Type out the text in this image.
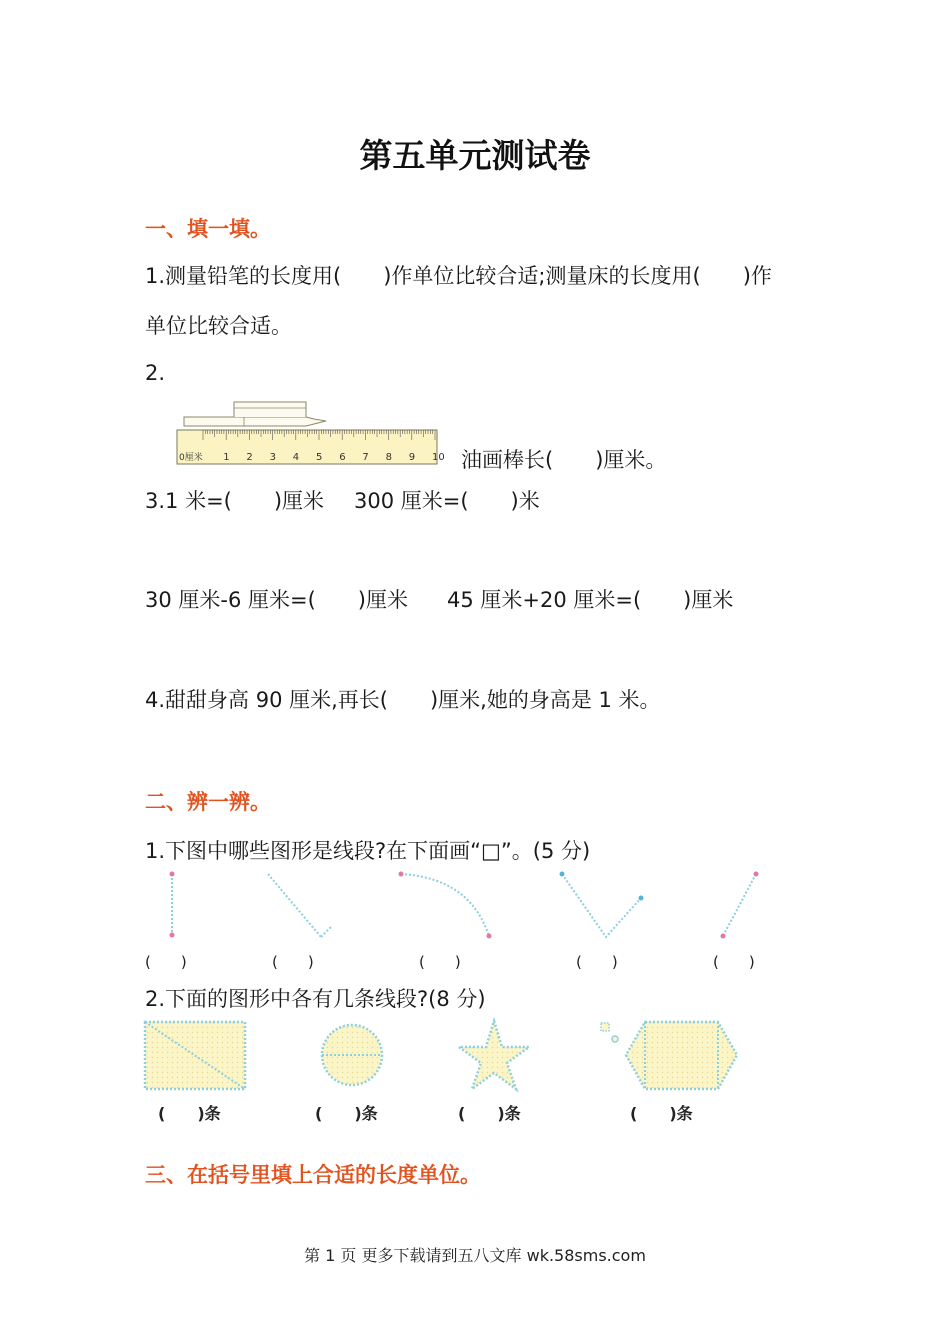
第五单元测试卷
一、填一填。
1.测量铅笔的长度用(　　)作单位比较合适;测量床的长度用(　　)作
单位比较合适。
2.
0厘米 1 2 3 4 5 6 7 8 9 10 油画棒长(　　)厘米。
3.1 米=(　　)厘米 300 厘米=(　　)米
30 厘米-6 厘米=(　　)厘米 45 厘米+20 厘米=(　　)厘米
4.甜甜身高 90 厘米,再长(　　)厘米,她的身高是 1 米。
二、辨一辨。
1.下图中哪些图形是线段?在下面画“□”。(5 分)
(　　)	(　　)	(　　)	(　　)	(　　)
2.下面的图形中各有几条线段?(8 分)
(　　)条	(　　)条	(　　)条	(　　)条
三、在括号里填上合适的长度单位。
第 1 页 更多下载请到五八文库 wk.58sms.com
